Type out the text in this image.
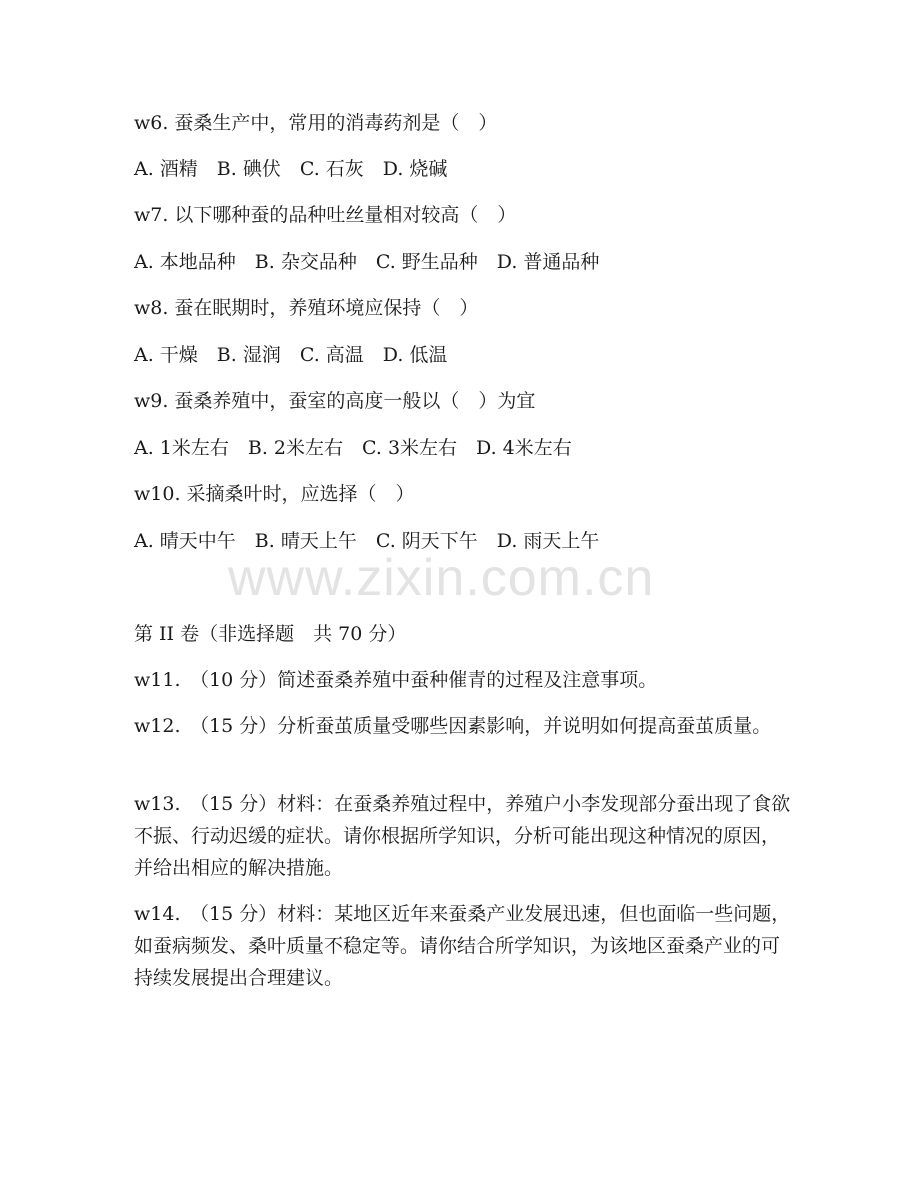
w6. 蚕桑生产中，常用的消毒药剂是（　）
A. 酒精　B. 碘伏　C. 石灰　D. 烧碱
w7. 以下哪种蚕的品种吐丝量相对较高（　）
A. 本地品种　B. 杂交品种　C. 野生品种　D. 普通品种
w8. 蚕在眠期时，养殖环境应保持（　）
A. 干燥　B. 湿润　C. 高温　D. 低温
w9. 蚕桑养殖中，蚕室的高度一般以（　）为宜
A. 1米左右　B. 2米左右　C. 3米左右　D. 4米左右
w10. 采摘桑叶时，应选择（　）
A. 晴天中午　B. 晴天上午　C. 阴天下午　D. 雨天上午
www.zixin.com.cn
第 II 卷（非选择题　共 70 分）
w11.　（10 分）简述蚕桑养殖中蚕种催青的过程及注意事项。
w12.　（15 分）分析蚕茧质量受哪些因素影响，并说明如何提高蚕茧质量。
w13.　（15 分）材料：在蚕桑养殖过程中，养殖户小李发现部分蚕出现了食欲不振、行动迟缓的症状。请你根据所学知识，分析可能出现这种情况的原因，并给出相应的解决措施。
w14.　（15 分）材料：某地区近年来蚕桑产业发展迅速，但也面临一些问题，如蚕病频发、桑叶质量不稳定等。请你结合所学知识，为该地区蚕桑产业的可持续发展提出合理建议。
